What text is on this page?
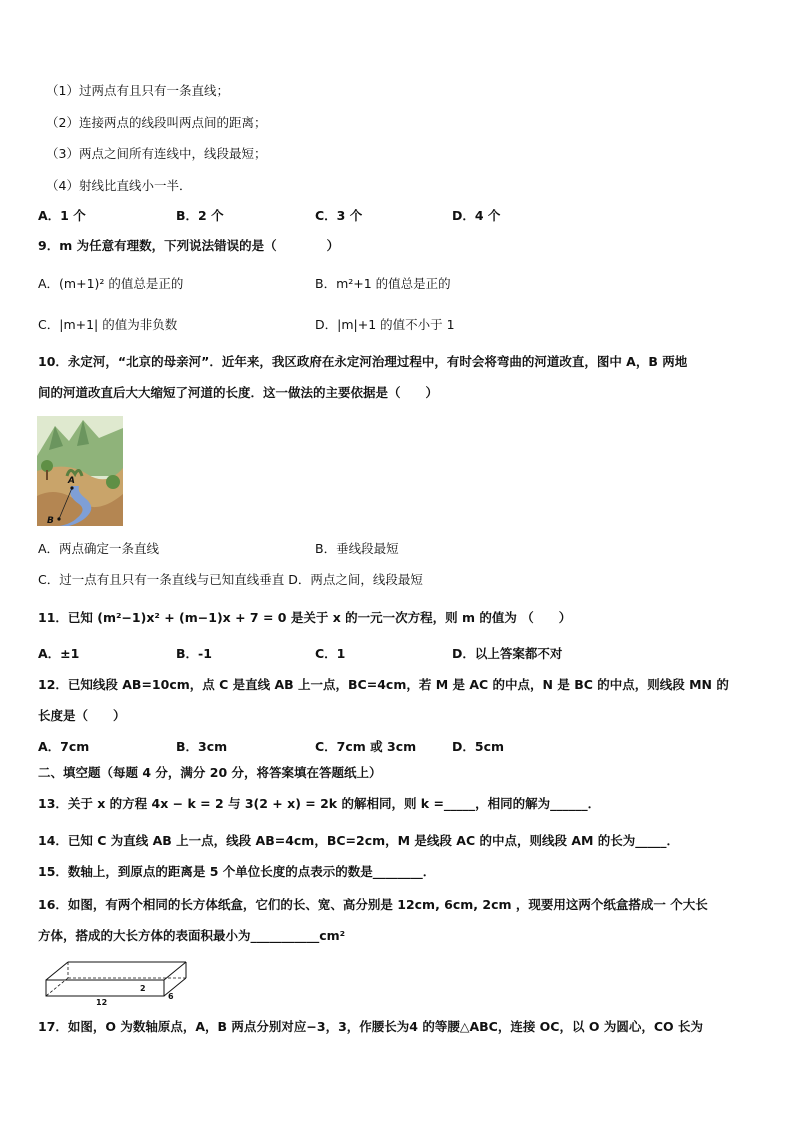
（1）过两点有且只有一条直线；
（2）连接两点的线段叫两点间的距离；
（3）两点之间所有连线中，线段最短；
（4）射线比直线小一半．
A．1 个	B．2 个	C．3 个	D．4 个
9．m 为任意有理数，下列说法错误的是（　　　　）
A．(m+1)² 的值总是正的	B．m²+1 的值总是正的
C．|m+1| 的值为非负数	D．|m|+1 的值不小于 1
10．永定河，“北京的母亲河”．近年来，我区政府在永定河治理过程中，有时会将弯曲的河道改直，图中 A，B 两地
间的河道改直后大大缩短了河道的长度．这一做法的主要依据是（　　）
A
B
A．两点确定一条直线	B．垂线段最短
C．过一点有且只有一条直线与已知直线垂直 D．两点之间，线段最短
11．已知 (m²−1)x² + (m−1)x + 7 = 0 是关于 x 的一元一次方程，则 m 的值为 （　　）
A．±1	B．-1	C．1	D．以上答案都不对
12．已知线段 AB=10cm，点 C 是直线 AB 上一点，BC=4cm，若 M 是 AC 的中点，N 是 BC 的中点，则线段 MN 的
长度是（　　）
A．7cm	B．3cm	C．7cm 或 3cm	D．5cm
二、填空题（每题 4 分，满分 20 分，将答案填在答题纸上）
13．关于 x 的方程 4x − k = 2 与 3(2 + x) = 2k 的解相同，则 k =_____，相同的解为______．
14．已知 C 为直线 AB 上一点，线段 AB=4cm，BC=2cm，M 是线段 AC 的中点，则线段 AM 的长为_____．
15．数轴上，到原点的距离是 5 个单位长度的点表示的数是________．
16．如图，有两个相同的长方体纸盒，它们的长、宽、高分别是 12cm, 6cm, 2cm ，现要用这两个纸盒搭成一 个大长
方体，搭成的大长方体的表面积最小为___________cm²
12
2
6
17．如图，O 为数轴原点，A，B 两点分别对应−3，3，作腰长为4 的等腰△ABC，连接 OC，以 O 为圆心，CO 长为
